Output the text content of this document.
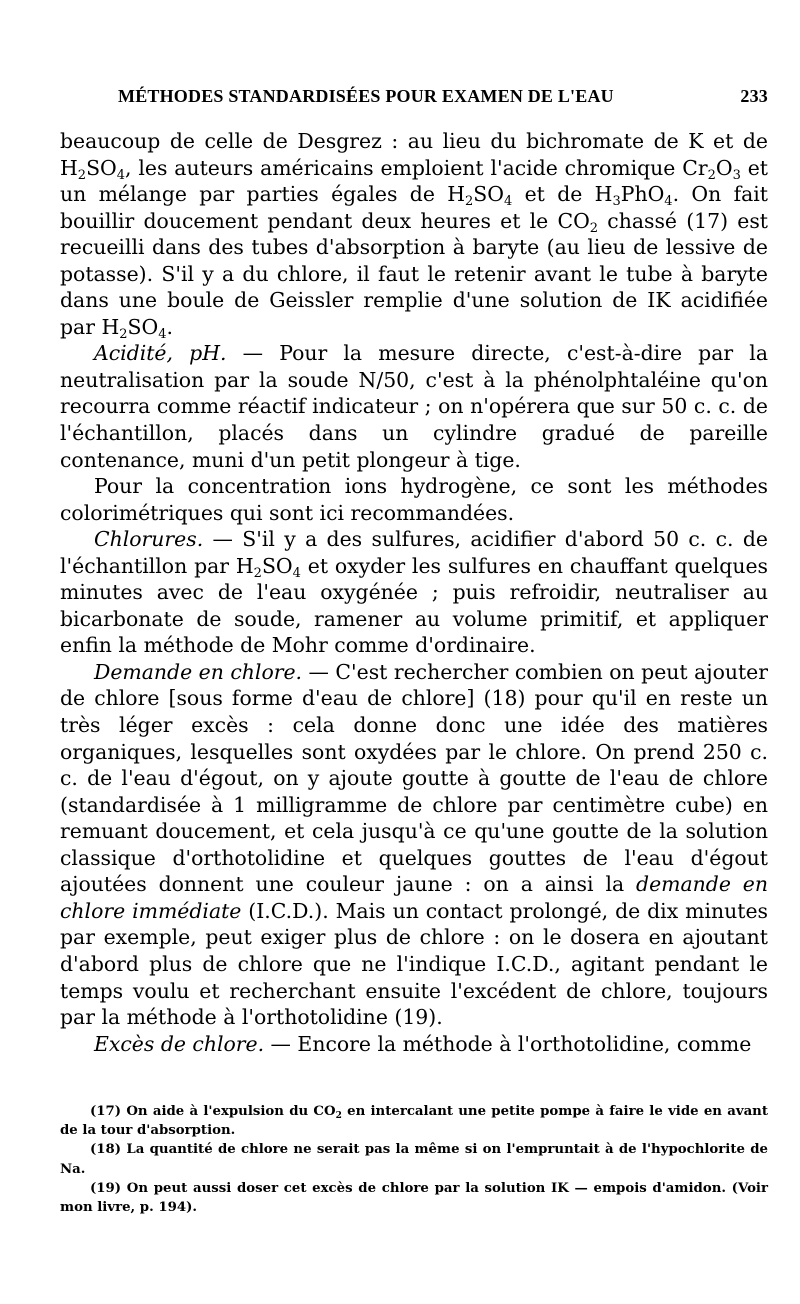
MÉTHODES STANDARDISÉES POUR EXAMEN DE L'EAU	233

beaucoup de celle de Desgrez : au lieu du bichromate de K et de $H_2SO_4$, les auteurs américains emploient l'acide chromique $Cr_2O_3$ et un mélange par parties égales de $H_2SO_4$ et de $H_3PhO_4$. On fait bouillir doucement pendant deux heures et le $CO_2$ chassé (17) est recueilli dans des tubes d'absorption à baryte (au lieu de lessive de potasse). S'il y a du chlore, il faut le retenir avant le tube à baryte dans une boule de Geissler remplie d'une solution de IK acidifiée par $H_2SO_4$.

Acidité, pH. — Pour la mesure directe, c'est-à-dire par la neutralisation par la soude N/50, c'est à la phénolphtaléine qu'on recourra comme réactif indicateur ; on n'opérera que sur 50 c. c. de l'échantillon, placés dans un cylindre gradué de pareille contenance, muni d'un petit plongeur à tige.

Pour la concentration ions hydrogène, ce sont les méthodes colorimétriques qui sont ici recommandées.

Chlorures. — S'il y a des sulfures, acidifier d'abord 50 c. c. de l'échantillon par $H_2SO_4$ et oxyder les sulfures en chauffant quelques minutes avec de l'eau oxygénée ; puis refroidir, neutraliser au bicarbonate de soude, ramener au volume primitif, et appliquer enfin la méthode de Mohr comme d'ordinaire.

Demande en chlore. — C'est rechercher combien on peut ajouter de chlore [sous forme d'eau de chlore] (18) pour qu'il en reste un très léger excès : cela donne donc une idée des matières organiques, lesquelles sont oxydées par le chlore. On prend 250 c. c. de l'eau d'égout, on y ajoute goutte à goutte de l'eau de chlore (standardisée à 1 milligramme de chlore par centimètre cube) en remuant doucement, et cela jusqu'à ce qu'une goutte de la solution classique d'orthotolidine et quelques gouttes de l'eau d'égout ajoutées donnent une couleur jaune : on a ainsi la demande en chlore immédiate (I.C.D.). Mais un contact prolongé, de dix minutes par exemple, peut exiger plus de chlore : on le dosera en ajoutant d'abord plus de chlore que ne l'indique I.C.D., agitant pendant le temps voulu et recherchant ensuite l'excédent de chlore, toujours par la méthode à l'orthotolidine (19).

Excès de chlore. — Encore la méthode à l'orthotolidine, comme

(17) On aide à l'expulsion du $CO_2$ en intercalant une petite pompe à faire le vide en avant de la tour d'absorption.

(18) La quantité de chlore ne serait pas la même si on l'empruntait à de l'hypochlorite de Na.

(19) On peut aussi doser cet excès de chlore par la solution IK — empois d'amidon. (Voir mon livre, p. 194).
